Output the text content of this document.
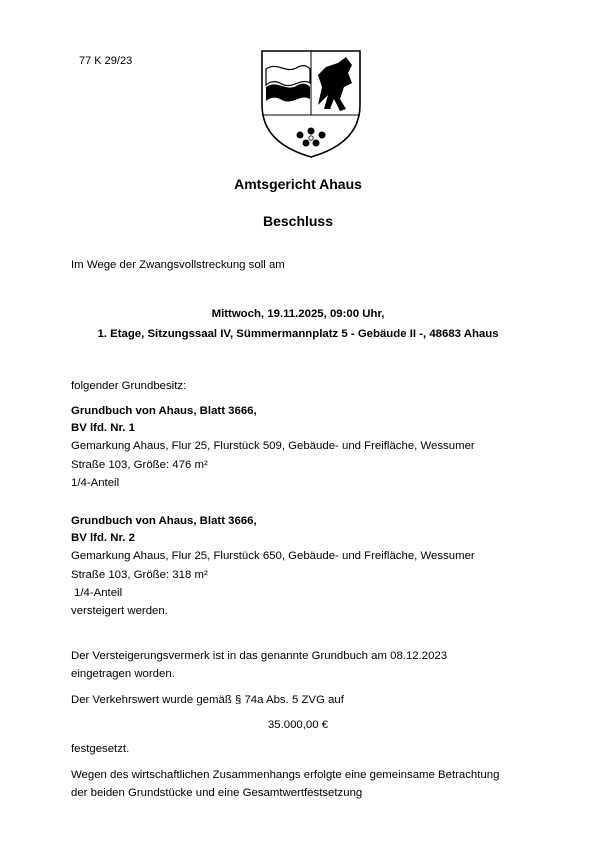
77 K 29/23
Amtsgericht Ahaus
Beschluss
Im Wege der Zwangsvollstreckung soll am
Mittwoch, 19.11.2025, 09:00 Uhr,
1. Etage, Sitzungssaal IV, Sümmermannplatz 5 - Gebäude II -, 48683 Ahaus
folgender Grundbesitz:
Grundbuch von Ahaus, Blatt 3666,
BV lfd. Nr. 1
Gemarkung Ahaus, Flur 25, Flurstück 509, Gebäude- und Freifläche, Wessumer
Straße 103, Größe: 476 m²
1/4-Anteil
Grundbuch von Ahaus, Blatt 3666,
BV lfd. Nr. 2
Gemarkung Ahaus, Flur 25, Flurstück 650, Gebäude- und Freifläche, Wessumer
Straße 103, Größe: 318 m²
1/4-Anteil
versteigert werden.
Der Versteigerungsvermerk ist in das genannte Grundbuch am 08.12.2023
eingetragen worden.
Der Verkehrswert wurde gemäß § 74a Abs. 5 ZVG auf
35.000,00 €
festgesetzt.
Wegen des wirtschaftlichen Zusammenhangs erfolgte eine gemeinsame Betrachtung
der beiden Grundstücke und eine Gesamtwertfestsetzung
